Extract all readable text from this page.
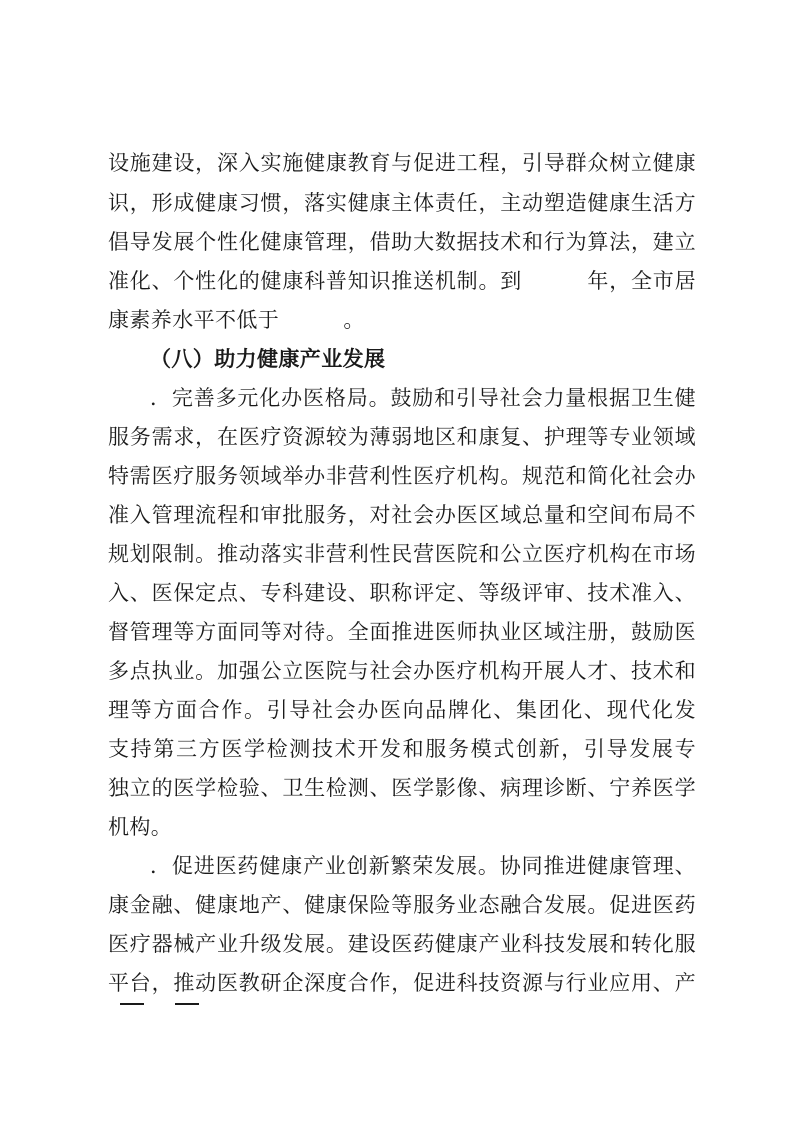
设施建设，深入实施健康教育与促进工程，引导群众树立健康
识，形成健康习惯，落实健康主体责任，主动塑造健康生活方
倡导发展个性化健康管理，借助大数据技术和行为算法，建立
准化、个性化的健康科普知识推送机制。到　　　年，全市居
康素养水平不低于　　　。
（八）助力健康产业发展
．完善多元化办医格局。鼓励和引导社会力量根据卫生健
服务需求，在医疗资源较为薄弱地区和康复、护理等专业领域
特需医疗服务领域举办非营利性医疗机构。规范和简化社会办
准入管理流程和审批服务，对社会办医区域总量和空间布局不
规划限制。推动落实非营利性民营医院和公立医疗机构在市场
入、医保定点、专科建设、职称评定、等级评审、技术准入、
督管理等方面同等对待。全面推进医师执业区域注册，鼓励医
多点执业。加强公立医院与社会办医疗机构开展人才、技术和
理等方面合作。引导社会办医向品牌化、集团化、现代化发
支持第三方医学检测技术开发和服务模式创新，引导发展专
独立的医学检验、卫生检测、医学影像、病理诊断、宁养医学
机构。
．促进医药健康产业创新繁荣发展。协同推进健康管理、
康金融、健康地产、健康保险等服务业态融合发展。促进医药
医疗器械产业升级发展。建设医药健康产业科技发展和转化服
平台，推动医教研企深度合作，促进科技资源与行业应用、产
